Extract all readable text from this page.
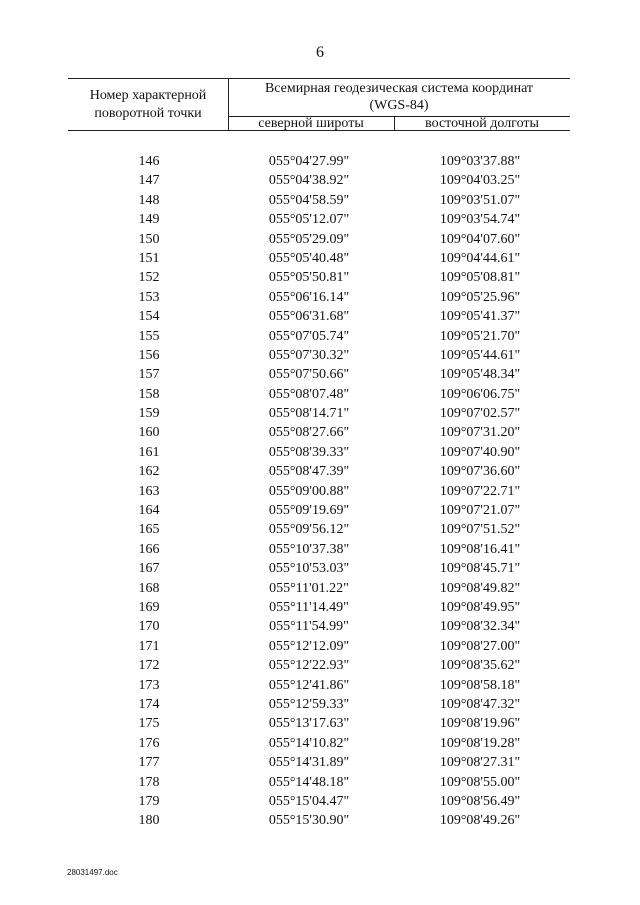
6
Номер характерной
поворотной точки
Всемирная геодезическая система координат
(WGS-84)
северной широты	восточной долготы
146	055°04'27.99"	109°03'37.88"
147	055°04'38.92"	109°04'03.25"
148	055°04'58.59"	109°03'51.07"
149	055°05'12.07"	109°03'54.74"
150	055°05'29.09"	109°04'07.60"
151	055°05'40.48"	109°04'44.61"
152	055°05'50.81"	109°05'08.81"
153	055°06'16.14"	109°05'25.96"
154	055°06'31.68"	109°05'41.37"
155	055°07'05.74"	109°05'21.70"
156	055°07'30.32"	109°05'44.61"
157	055°07'50.66"	109°05'48.34"
158	055°08'07.48"	109°06'06.75"
159	055°08'14.71"	109°07'02.57"
160	055°08'27.66"	109°07'31.20"
161	055°08'39.33"	109°07'40.90"
162	055°08'47.39"	109°07'36.60"
163	055°09'00.88"	109°07'22.71"
164	055°09'19.69"	109°07'21.07"
165	055°09'56.12"	109°07'51.52"
166	055°10'37.38"	109°08'16.41"
167	055°10'53.03"	109°08'45.71"
168	055°11'01.22"	109°08'49.82"
169	055°11'14.49"	109°08'49.95"
170	055°11'54.99"	109°08'32.34"
171	055°12'12.09"	109°08'27.00"
172	055°12'22.93"	109°08'35.62"
173	055°12'41.86"	109°08'58.18"
174	055°12'59.33"	109°08'47.32"
175	055°13'17.63"	109°08'19.96"
176	055°14'10.82"	109°08'19.28"
177	055°14'31.89"	109°08'27.31"
178	055°14'48.18"	109°08'55.00"
179	055°15'04.47"	109°08'56.49"
180	055°15'30.90"	109°08'49.26"
28031497.doc
